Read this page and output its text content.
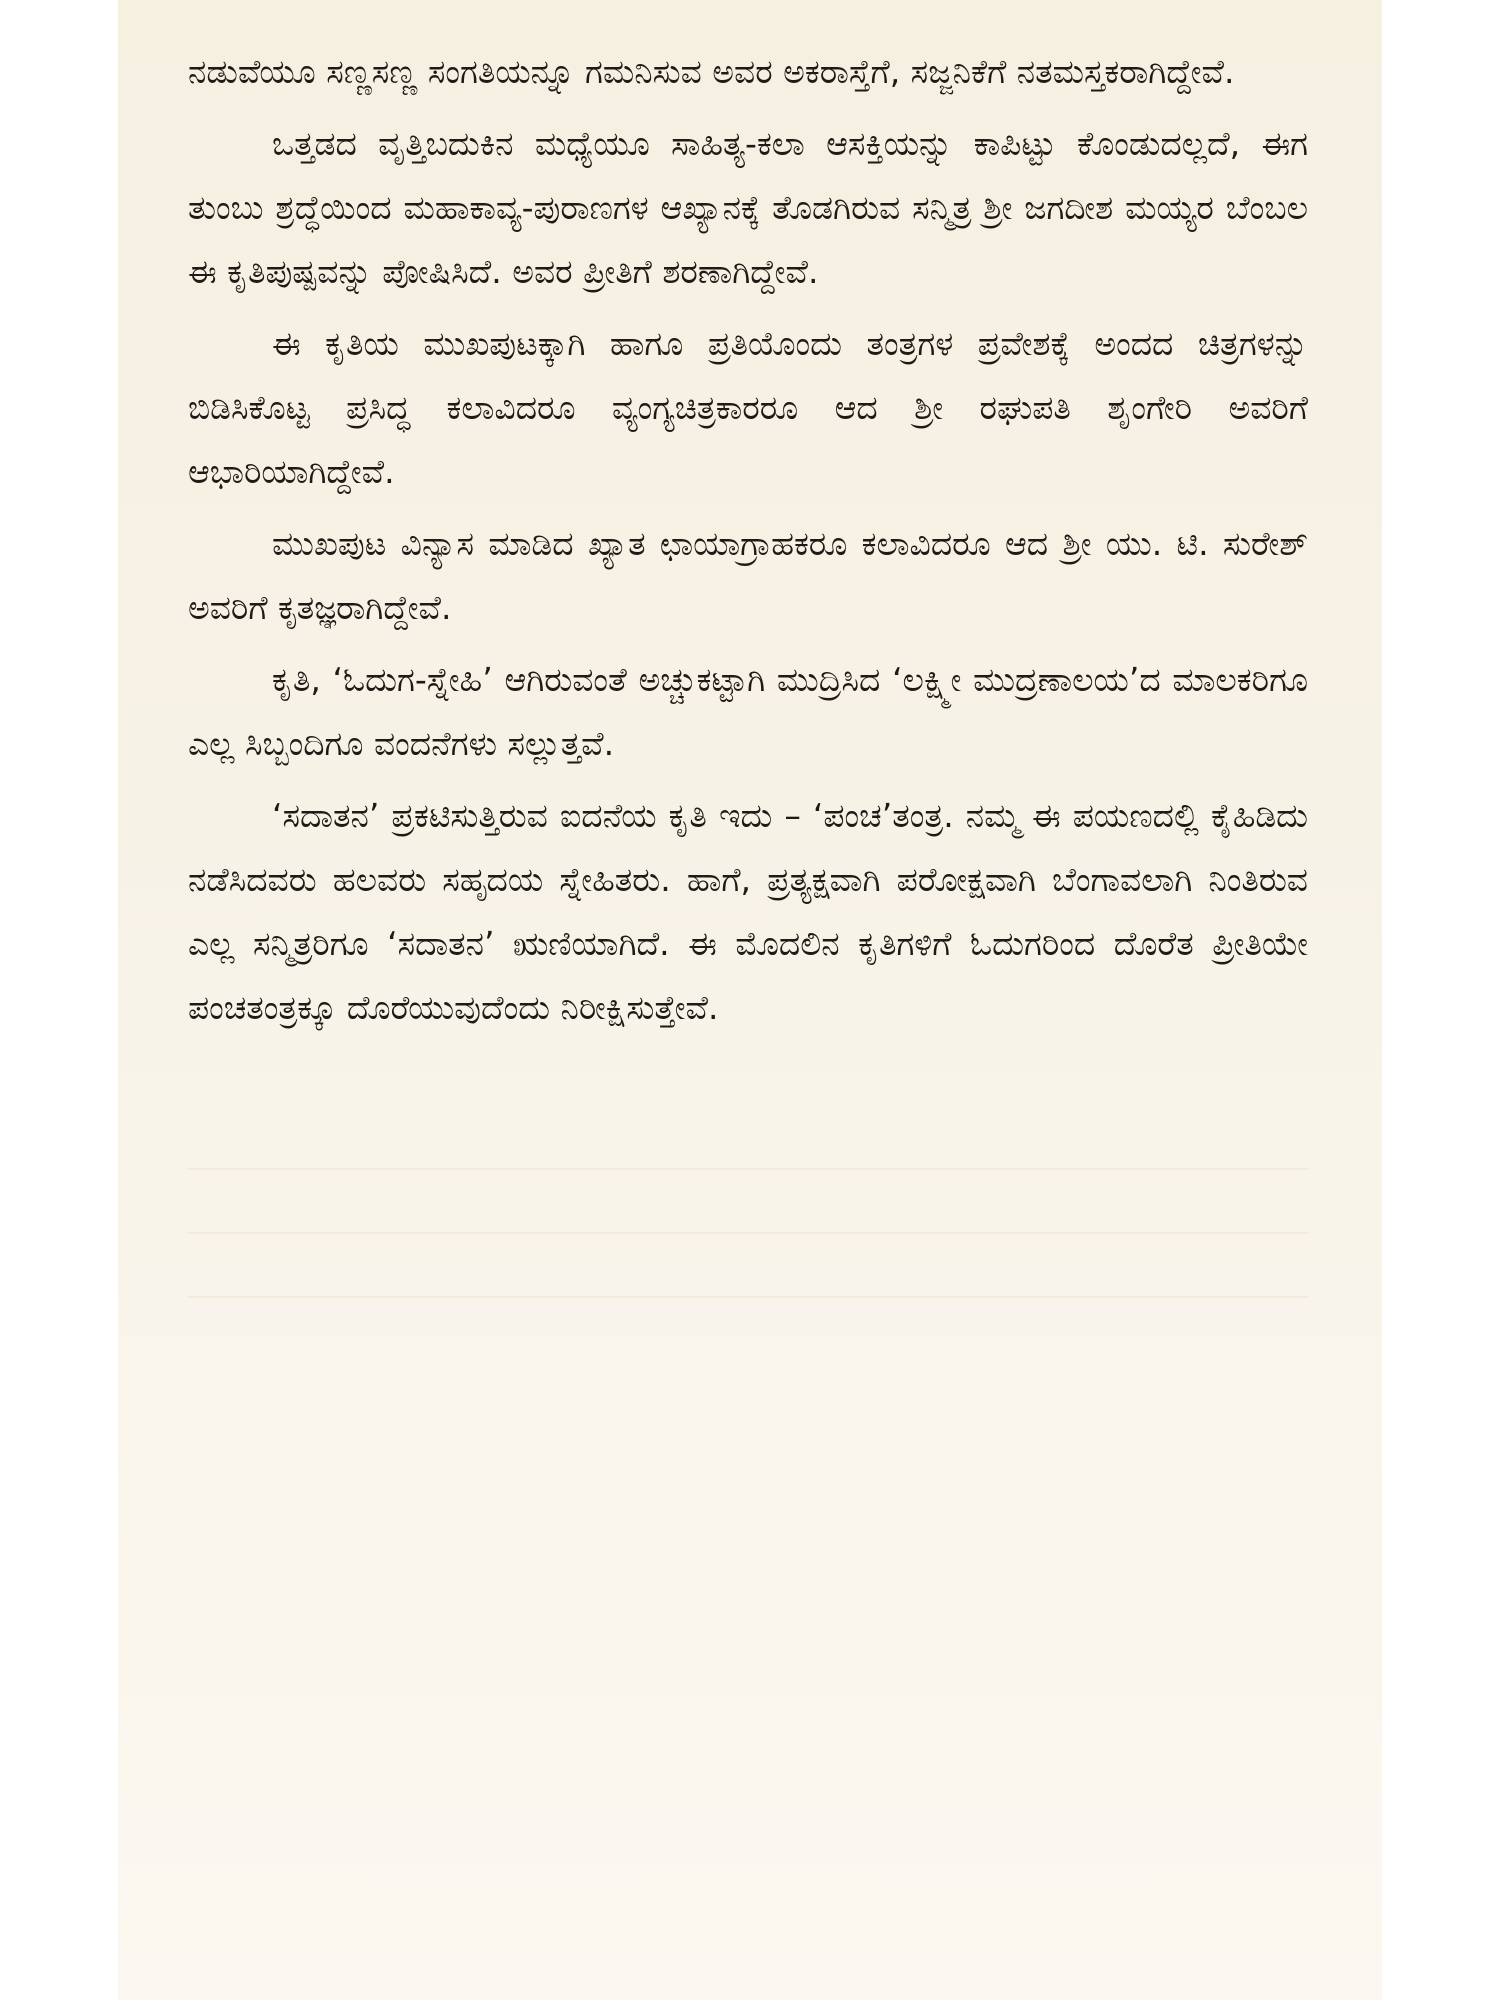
ನಡುವೆಯೂ ಸಣ್ಣಸಣ್ಣ ಸಂಗತಿಯನ್ನೂ ಗಮನಿಸುವ ಅವರ ಅಕರಾಸ್ತೆಗೆ, ಸಜ್ಜನಿಕೆಗೆ ನತಮಸ್ತಕರಾಗಿದ್ದೇವೆ.

ಒತ್ತಡದ ವೃತ್ತಿಬದುಕಿನ ಮಧ್ಯೆಯೂ ಸಾಹಿತ್ಯ-ಕಲಾ ಆಸಕ್ತಿಯನ್ನು ಕಾಪಿಟ್ಟು ಕೊಂಡುದಲ್ಲದೆ, ಈಗ ತುಂಬು ಶ್ರದ್ಧೆಯಿಂದ ಮಹಾಕಾವ್ಯ-ಪುರಾಣಗಳ ಆಖ್ಯಾನಕ್ಕೆ ತೊಡಗಿರುವ ಸನ್ಮಿತ್ರ ಶ್ರೀ ಜಗದೀಶ ಮಯ್ಯರ ಬೆಂಬಲ ಈ ಕೃತಿಪುಷ್ಪವನ್ನು ಪೋಷಿಸಿದೆ. ಅವರ ಪ್ರೀತಿಗೆ ಶರಣಾಗಿದ್ದೇವೆ.

ಈ ಕೃತಿಯ ಮುಖಪುಟಕ್ಕಾಗಿ ಹಾಗೂ ಪ್ರತಿಯೊಂದು ತಂತ್ರಗಳ ಪ್ರವೇಶಕ್ಕೆ ಅಂದದ ಚಿತ್ರಗಳನ್ನು ಬಿಡಿಸಿಕೊಟ್ಟ ಪ್ರಸಿದ್ಧ ಕಲಾವಿದರೂ ವ್ಯಂಗ್ಯಚಿತ್ರಕಾರರೂ ಆದ ಶ್ರೀ ರಘುಪತಿ ಶೃಂಗೇರಿ ಅವರಿಗೆ ಆಭಾರಿಯಾಗಿದ್ದೇವೆ.

ಮುಖಪುಟ ವಿನ್ಯಾಸ ಮಾಡಿದ ಖ್ಯಾತ ಛಾಯಾಗ್ರಾಹಕರೂ ಕಲಾವಿದರೂ ಆದ ಶ್ರೀ ಯು. ಟಿ. ಸುರೇಶ್ ಅವರಿಗೆ ಕೃತಜ್ಞರಾಗಿದ್ದೇವೆ.

ಕೃತಿ, ‘ಓದುಗ-ಸ್ನೇಹಿ’ ಆಗಿರುವಂತೆ ಅಚ್ಚುಕಟ್ಟಾಗಿ ಮುದ್ರಿಸಿದ ‘ಲಕ್ಷ್ಮೀ ಮುದ್ರಣಾಲಯ’ದ ಮಾಲಕರಿಗೂ ಎಲ್ಲ ಸಿಬ್ಬಂದಿಗೂ ವಂದನೆಗಳು ಸಲ್ಲುತ್ತವೆ.

‘ಸದಾತನ’ ಪ್ರಕಟಿಸುತ್ತಿರುವ ಐದನೆಯ ಕೃತಿ ಇದು – ‘ಪಂಚ’ತಂತ್ರ. ನಮ್ಮ ಈ ಪಯಣದಲ್ಲಿ ಕೈಹಿಡಿದು ನಡೆಸಿದವರು ಹಲವರು ಸಹೃದಯ ಸ್ನೇಹಿತರು. ಹಾಗೆ, ಪ್ರತ್ಯಕ್ಷವಾಗಿ ಪರೋಕ್ಷವಾಗಿ ಬೆಂಗಾವಲಾಗಿ ನಿಂತಿರುವ ಎಲ್ಲ ಸನ್ಮಿತ್ರರಿಗೂ ‘ಸದಾತನ’ ಋಣಿಯಾಗಿದೆ. ಈ ಮೊದಲಿನ ಕೃತಿಗಳಿಗೆ ಓದುಗರಿಂದ ದೊರೆತ ಪ್ರೀತಿಯೇ ಪಂಚತಂತ್ರಕ್ಕೂ ದೊರೆಯುವುದೆಂದು ನಿರೀಕ್ಷಿಸುತ್ತೇವೆ.
